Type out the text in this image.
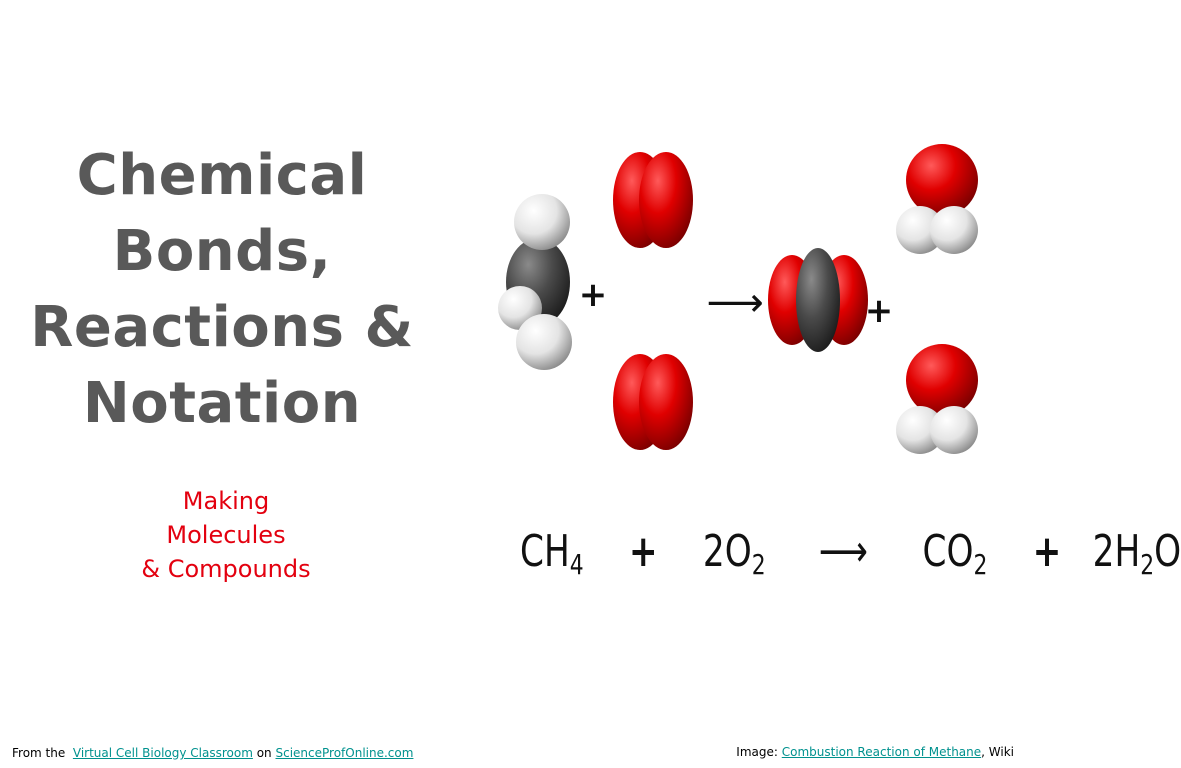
Chemical
Bonds,
Reactions &
Notation
Making
Molecules
& Compounds
+ ⟶	+
$CH_4 + 2O_2$ ⟶ $CO_2 + 2H_2O$
From the Virtual Cell Biology Classroom on ScienceProfOnline.com	Image: Combustion Reaction of Methane, Wiki
